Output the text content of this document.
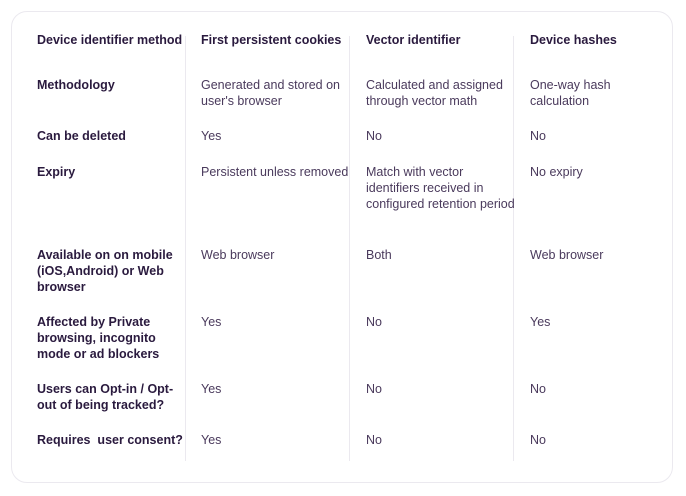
Device identifier method	First persistent cookies	Vector identifier	Device hashes

Methodology	Generated and stored on user's browser	Calculated and assigned through vector math	One-way hash calculation

Can be deleted	Yes	No	No

Expiry	Persistent unless removed	Match with vector identifiers received in configured retention period	No expiry

Available on on mobile (iOS,Android) or Web browser	Web browser	Both	Web browser

Affected by Private browsing, incognito mode or ad blockers	Yes	No	Yes

Users can Opt-in / Opt-out of being tracked?	Yes	No	No

Requires  user consent?	Yes	No	No
